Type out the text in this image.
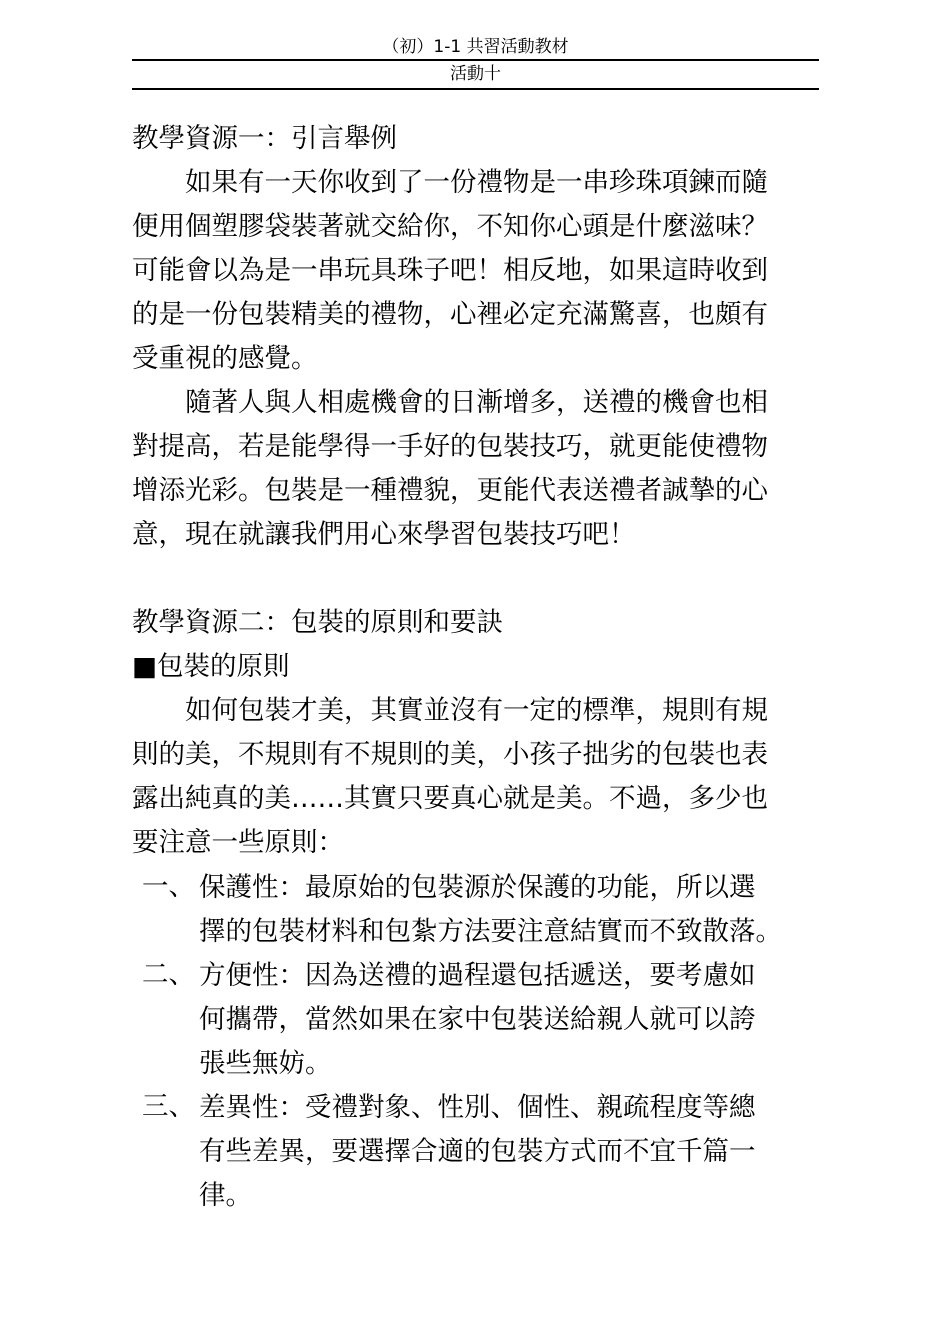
（初）1-1 共習活動教材
活動十
教學資源一：引言舉例
如果有一天你收到了一份禮物是一串珍珠項鍊而隨
便用個塑膠袋裝著就交給你，不知你心頭是什麼滋味？
可能會以為是一串玩具珠子吧！相反地，如果這時收到
的是一份包裝精美的禮物，心裡必定充滿驚喜，也頗有
受重視的感覺。
隨著人與人相處機會的日漸增多，送禮的機會也相
對提高，若是能學得一手好的包裝技巧，就更能使禮物
增添光彩。包裝是一種禮貌，更能代表送禮者誠摯的心
意，現在就讓我們用心來學習包裝技巧吧！
教學資源二：包裝的原則和要訣
■包裝的原則
如何包裝才美，其實並沒有一定的標準，規則有規
則的美，不規則有不規則的美，小孩子拙劣的包裝也表
露出純真的美……其實只要真心就是美。不過，多少也
要注意一些原則：
一、 保護性：最原始的包裝源於保護的功能，所以選
擇的包裝材料和包紮方法要注意結實而不致散落。
二、 方便性：因為送禮的過程還包括遞送，要考慮如
何攜帶，當然如果在家中包裝送給親人就可以誇
張些無妨。
三、 差異性：受禮對象、性別、個性、親疏程度等總
有些差異，要選擇合適的包裝方式而不宜千篇一
律。
